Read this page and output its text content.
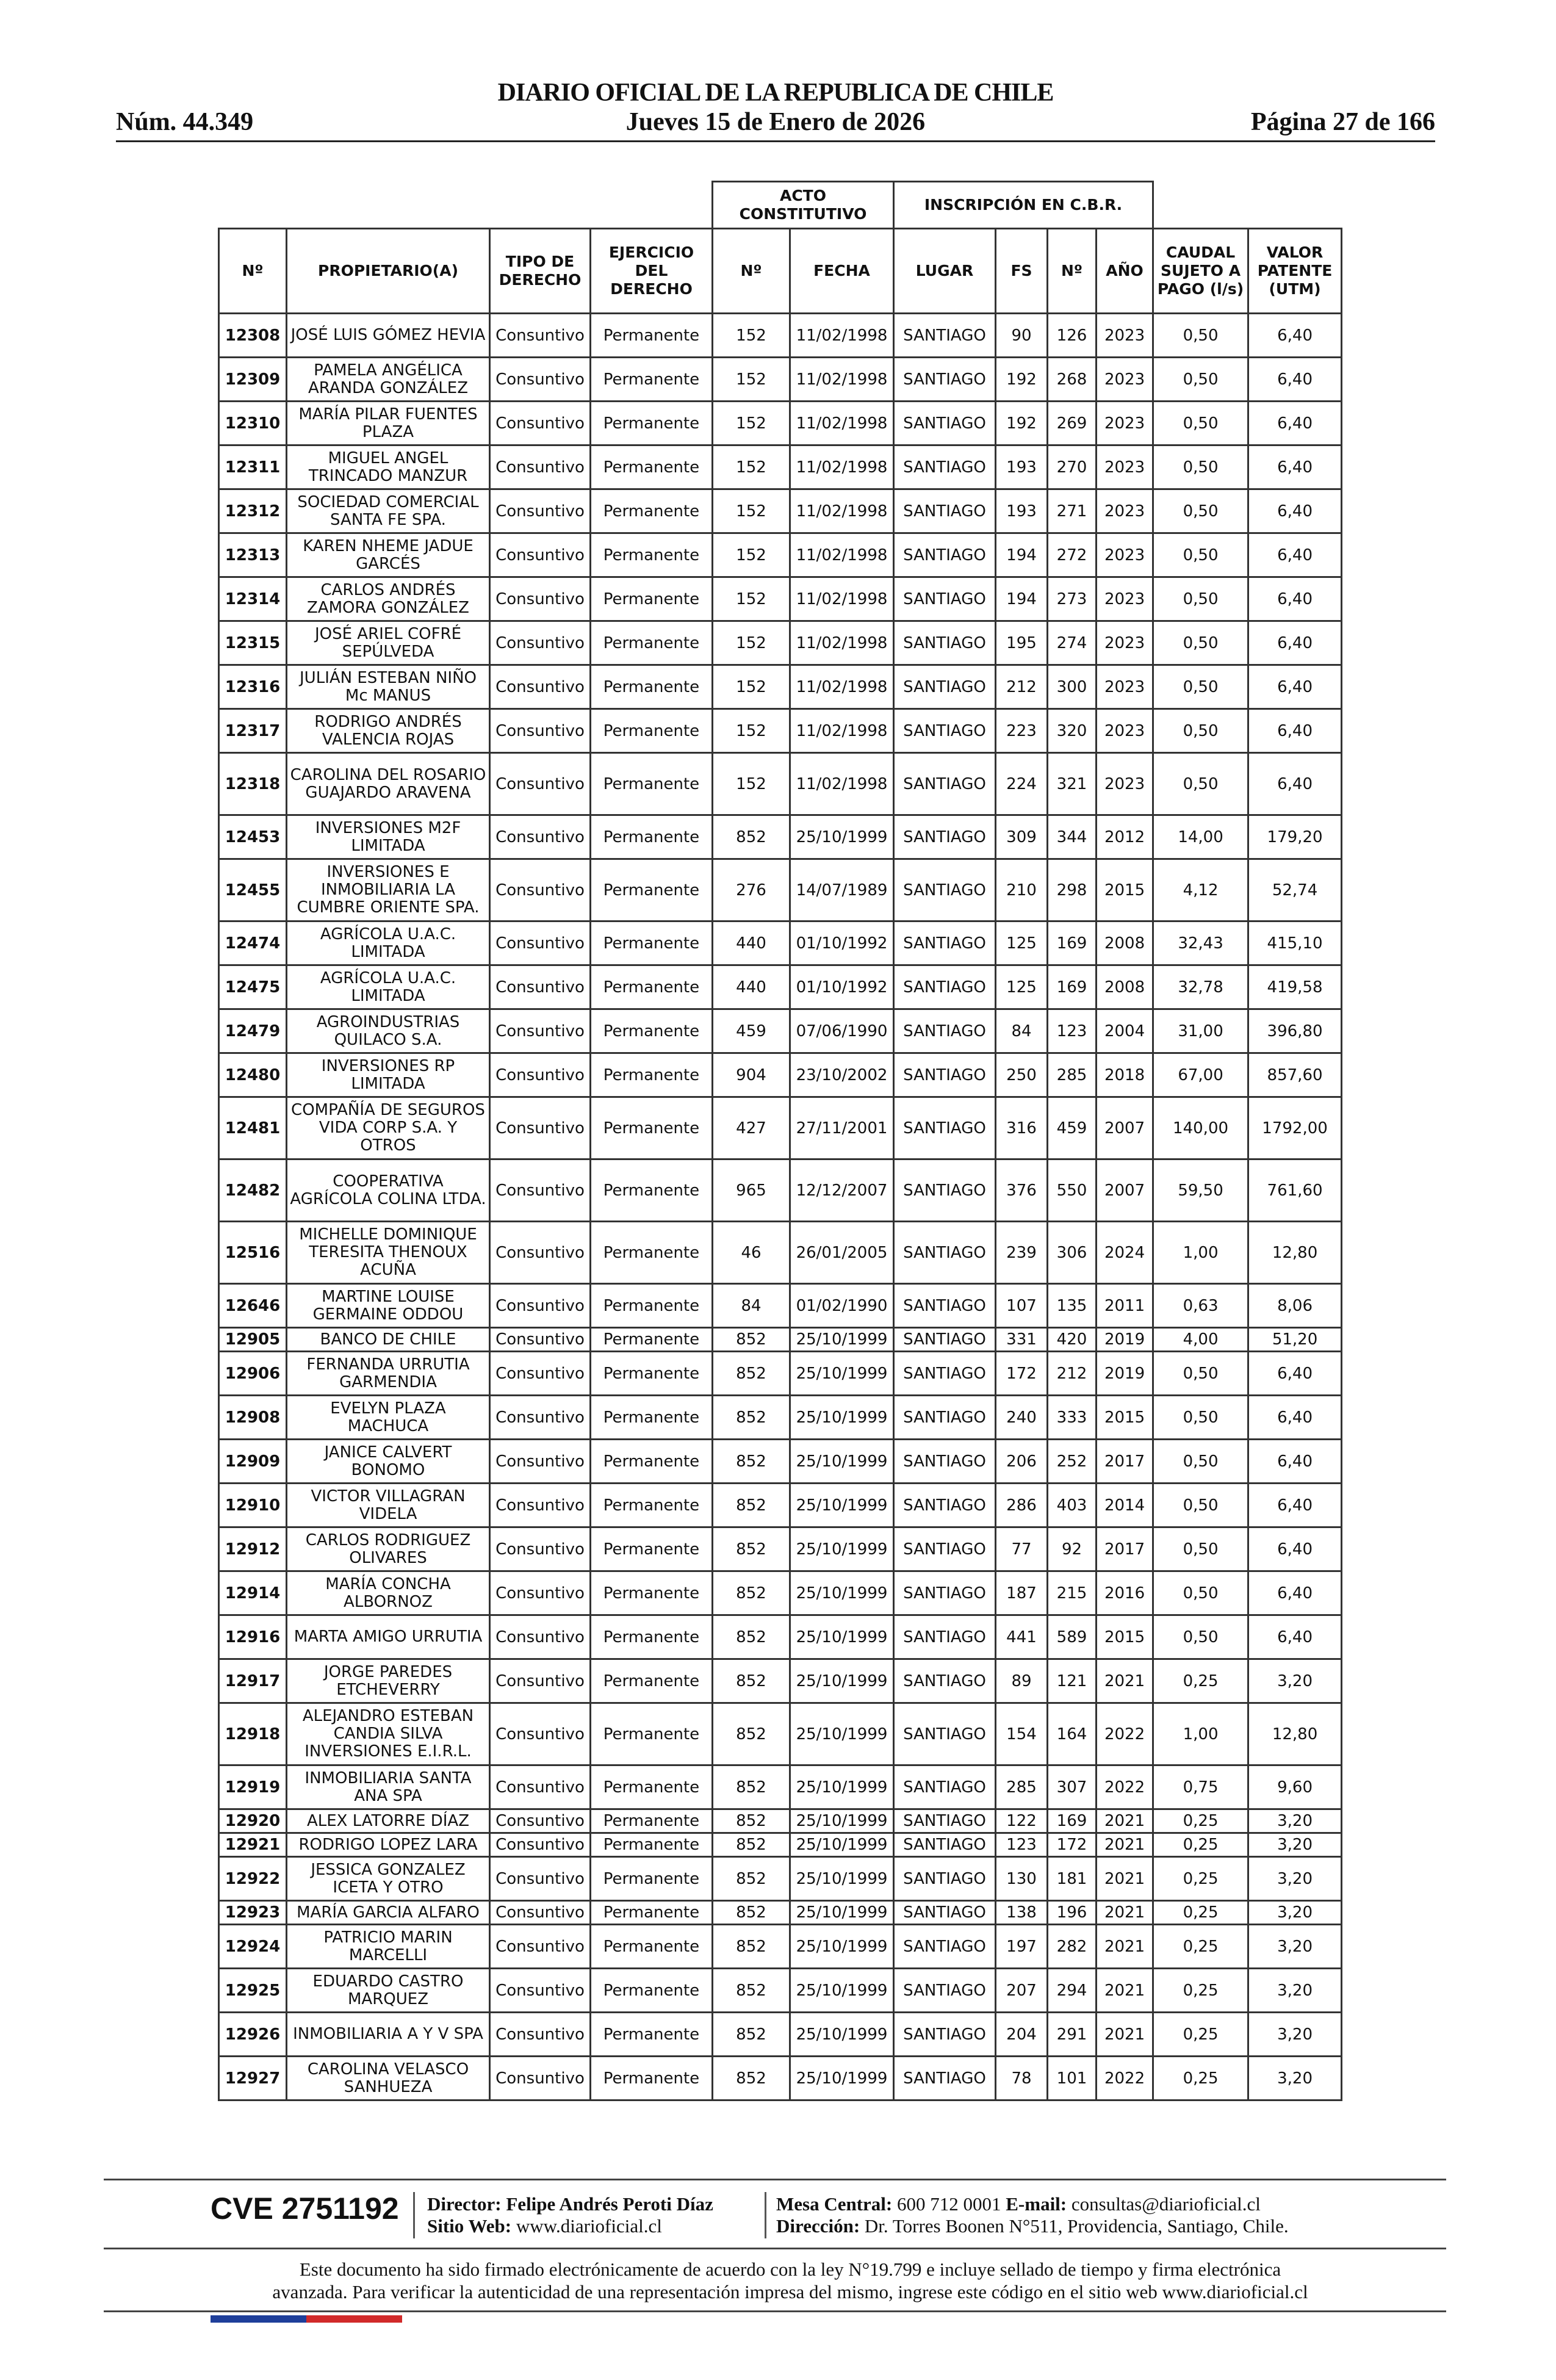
DIARIO OFICIAL DE LA REPUBLICA DE CHILE
Núm. 44.349	Jueves 15 de Enero de 2026	Página 27 de 166
				ACTO CONSTITUTIVO		INSCRIPCIÓN EN C.B.R.					
Nº	PROPIETARIO(A)	TIPO DE DERECHO	EJERCICIO DEL DERECHO	Nº	FECHA	LUGAR	FS	Nº	AÑO	CAUDAL SUJETO A PAGO (l/s)	VALOR PATENTE (UTM)
12308	JOSÉ LUIS GÓMEZ HEVIA	Consuntivo	Permanente	152	11/02/1998	SANTIAGO	90	126	2023	0,50	6,40
12309	PAMELA ANGÉLICA ARANDA GONZÁLEZ	Consuntivo	Permanente	152	11/02/1998	SANTIAGO	192	268	2023	0,50	6,40
12310	MARÍA PILAR FUENTES PLAZA	Consuntivo	Permanente	152	11/02/1998	SANTIAGO	192	269	2023	0,50	6,40
12311	MIGUEL ANGEL TRINCADO MANZUR	Consuntivo	Permanente	152	11/02/1998	SANTIAGO	193	270	2023	0,50	6,40
12312	SOCIEDAD COMERCIAL SANTA FE SPA.	Consuntivo	Permanente	152	11/02/1998	SANTIAGO	193	271	2023	0,50	6,40
12313	KAREN NHEME JADUE GARCÉS	Consuntivo	Permanente	152	11/02/1998	SANTIAGO	194	272	2023	0,50	6,40
12314	CARLOS ANDRÉS ZAMORA GONZÁLEZ	Consuntivo	Permanente	152	11/02/1998	SANTIAGO	194	273	2023	0,50	6,40
12315	JOSÉ ARIEL COFRÉ SEPÚLVEDA	Consuntivo	Permanente	152	11/02/1998	SANTIAGO	195	274	2023	0,50	6,40
12316	JULIÁN ESTEBAN NIÑO Mc MANUS	Consuntivo	Permanente	152	11/02/1998	SANTIAGO	212	300	2023	0,50	6,40
12317	RODRIGO ANDRÉS VALENCIA ROJAS	Consuntivo	Permanente	152	11/02/1998	SANTIAGO	223	320	2023	0,50	6,40
12318	CAROLINA DEL ROSARIO GUAJARDO ARAVENA	Consuntivo	Permanente	152	11/02/1998	SANTIAGO	224	321	2023	0,50	6,40
12453	INVERSIONES M2F LIMITADA	Consuntivo	Permanente	852	25/10/1999	SANTIAGO	309	344	2012	14,00	179,20
12455	INVERSIONES E INMOBILIARIA LA CUMBRE ORIENTE SPA.	Consuntivo	Permanente	276	14/07/1989	SANTIAGO	210	298	2015	4,12	52,74
12474	AGRÍCOLA U.A.C. LIMITADA	Consuntivo	Permanente	440	01/10/1992	SANTIAGO	125	169	2008	32,43	415,10
12475	AGRÍCOLA U.A.C. LIMITADA	Consuntivo	Permanente	440	01/10/1992	SANTIAGO	125	169	2008	32,78	419,58
12479	AGROINDUSTRIAS QUILACO S.A.	Consuntivo	Permanente	459	07/06/1990	SANTIAGO	84	123	2004	31,00	396,80
12480	INVERSIONES RP LIMITADA	Consuntivo	Permanente	904	23/10/2002	SANTIAGO	250	285	2018	67,00	857,60
12481	COMPAÑÍA DE SEGUROS VIDA CORP S.A. Y OTROS	Consuntivo	Permanente	427	27/11/2001	SANTIAGO	316	459	2007	140,00	1792,00
12482	COOPERATIVA AGRÍCOLA COLINA LTDA.	Consuntivo	Permanente	965	12/12/2007	SANTIAGO	376	550	2007	59,50	761,60
12516	MICHELLE DOMINIQUE TERESITA THENOUX ACUÑA	Consuntivo	Permanente	46	26/01/2005	SANTIAGO	239	306	2024	1,00	12,80
12646	MARTINE LOUISE GERMAINE ODDOU	Consuntivo	Permanente	84	01/02/1990	SANTIAGO	107	135	2011	0,63	8,06
12905	BANCO DE CHILE	Consuntivo	Permanente	852	25/10/1999	SANTIAGO	331	420	2019	4,00	51,20
12906	FERNANDA URRUTIA GARMENDIA	Consuntivo	Permanente	852	25/10/1999	SANTIAGO	172	212	2019	0,50	6,40
12908	EVELYN PLAZA MACHUCA	Consuntivo	Permanente	852	25/10/1999	SANTIAGO	240	333	2015	0,50	6,40
12909	JANICE CALVERT BONOMO	Consuntivo	Permanente	852	25/10/1999	SANTIAGO	206	252	2017	0,50	6,40
12910	VICTOR VILLAGRAN VIDELA	Consuntivo	Permanente	852	25/10/1999	SANTIAGO	286	403	2014	0,50	6,40
12912	CARLOS RODRIGUEZ OLIVARES	Consuntivo	Permanente	852	25/10/1999	SANTIAGO	77	92	2017	0,50	6,40
12914	MARÍA CONCHA ALBORNOZ	Consuntivo	Permanente	852	25/10/1999	SANTIAGO	187	215	2016	0,50	6,40
12916	MARTA AMIGO URRUTIA	Consuntivo	Permanente	852	25/10/1999	SANTIAGO	441	589	2015	0,50	6,40
12917	JORGE PAREDES ETCHEVERRY	Consuntivo	Permanente	852	25/10/1999	SANTIAGO	89	121	2021	0,25	3,20
12918	ALEJANDRO ESTEBAN CANDIA SILVA INVERSIONES E.I.R.L.	Consuntivo	Permanente	852	25/10/1999	SANTIAGO	154	164	2022	1,00	12,80
12919	INMOBILIARIA SANTA ANA SPA	Consuntivo	Permanente	852	25/10/1999	SANTIAGO	285	307	2022	0,75	9,60
12920	ALEX LATORRE DÍAZ	Consuntivo	Permanente	852	25/10/1999	SANTIAGO	122	169	2021	0,25	3,20
12921	RODRIGO LOPEZ LARA	Consuntivo	Permanente	852	25/10/1999	SANTIAGO	123	172	2021	0,25	3,20
12922	JESSICA GONZALEZ ICETA Y OTRO	Consuntivo	Permanente	852	25/10/1999	SANTIAGO	130	181	2021	0,25	3,20
12923	MARÍA GARCIA ALFARO	Consuntivo	Permanente	852	25/10/1999	SANTIAGO	138	196	2021	0,25	3,20
12924	PATRICIO MARIN MARCELLI	Consuntivo	Permanente	852	25/10/1999	SANTIAGO	197	282	2021	0,25	3,20
12925	EDUARDO CASTRO MARQUEZ	Consuntivo	Permanente	852	25/10/1999	SANTIAGO	207	294	2021	0,25	3,20
12926	INMOBILIARIA A Y V SPA	Consuntivo	Permanente	852	25/10/1999	SANTIAGO	204	291	2021	0,25	3,20
12927	CAROLINA VELASCO SANHUEZA	Consuntivo	Permanente	852	25/10/1999	SANTIAGO	78	101	2022	0,25	3,20
CVE 2751192 Director: Felipe Andrés Peroti Díaz
Sitio Web: www.diarioficial.cl
Mesa Central: 600 712 0001 E-mail: consultas@diarioficial.cl
Dirección: Dr. Torres Boonen N°511, Providencia, Santiago, Chile.
Este documento ha sido firmado electrónicamente de acuerdo con la ley N°19.799 e incluye sellado de tiempo y firma electrónica
avanzada. Para verificar la autenticidad de una representación impresa del mismo, ingrese este código en el sitio web www.diarioficial.cl
